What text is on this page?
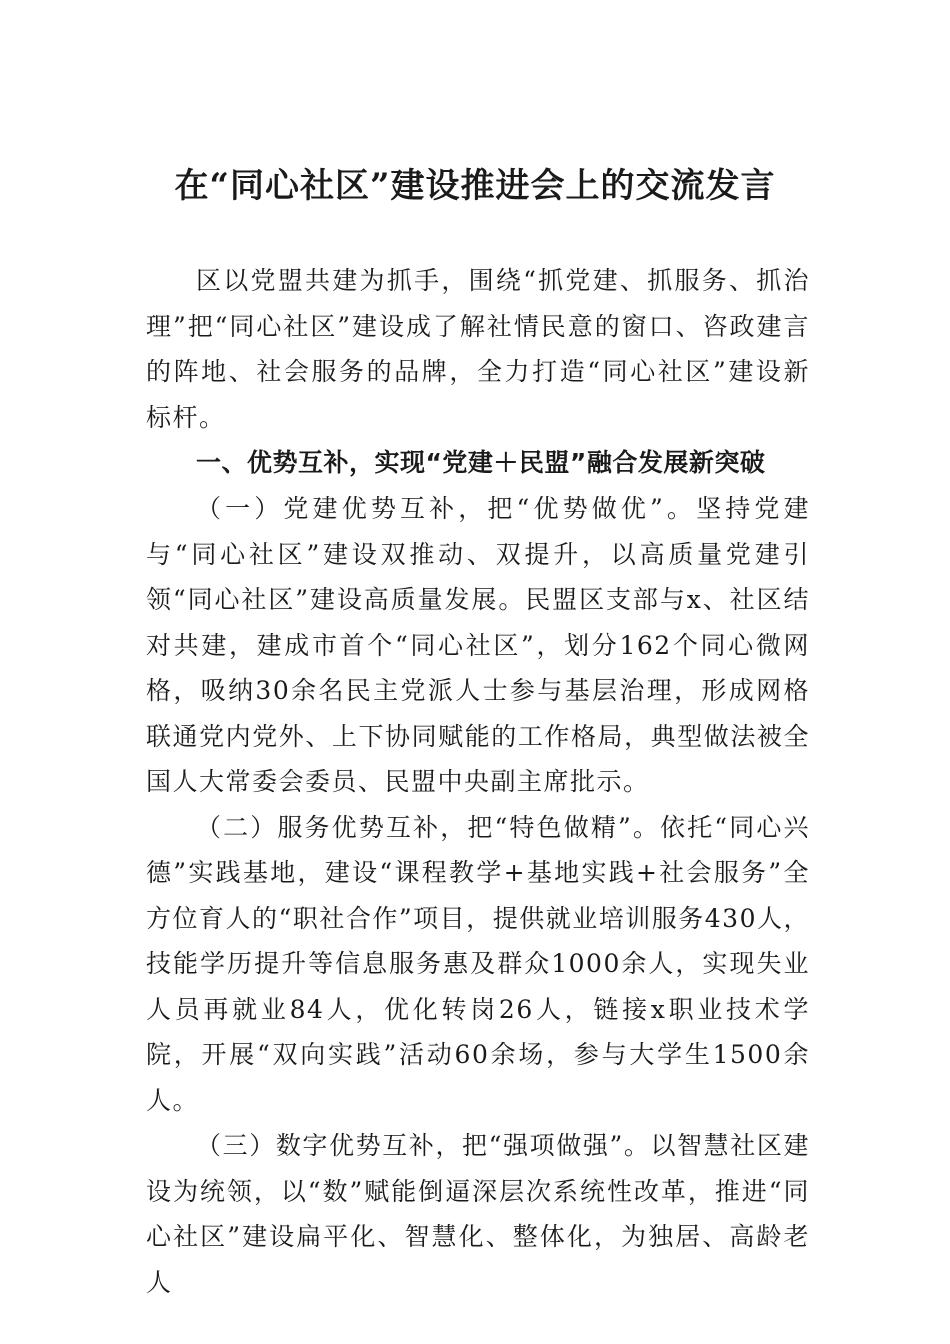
在“同心社区”建设推进会上的交流发言

区以党盟共建为抓手，围绕“抓党建、抓服务、抓治理”把“同心社区”建设成了解社情民意的窗口、咨政建言的阵地、社会服务的品牌，全力打造“同心社区”建设新标杆。

一、优势互补，实现“党建＋民盟”融合发展新突破

（一）党建优势互补，把“优势做优”。坚持党建与“同心社区”建设双推动、双提升，以高质量党建引领“同心社区”建设高质量发展。民盟区支部与x、社区结对共建，建成市首个“同心社区”，划分162个同心微网格，吸纳30余名民主党派人士参与基层治理，形成网格联通党内党外、上下协同赋能的工作格局，典型做法被全国人大常委会委员、民盟中央副主席批示。

（二）服务优势互补，把“特色做精”。依托“同心兴德”实践基地，建设“课程教学+基地实践+社会服务”全方位育人的“职社合作”项目，提供就业培训服务430人，技能学历提升等信息服务惠及群众1000余人，实现失业人员再就业84人，优化转岗26人，链接x职业技术学院，开展“双向实践”活动60余场，参与大学生1500余人。

（三）数字优势互补，把“强项做强”。以智慧社区建设为统领，以“数”赋能倒逼深层次系统性改革，推进“同心社区”建设扁平化、智慧化、整体化，为独居、高龄老人
